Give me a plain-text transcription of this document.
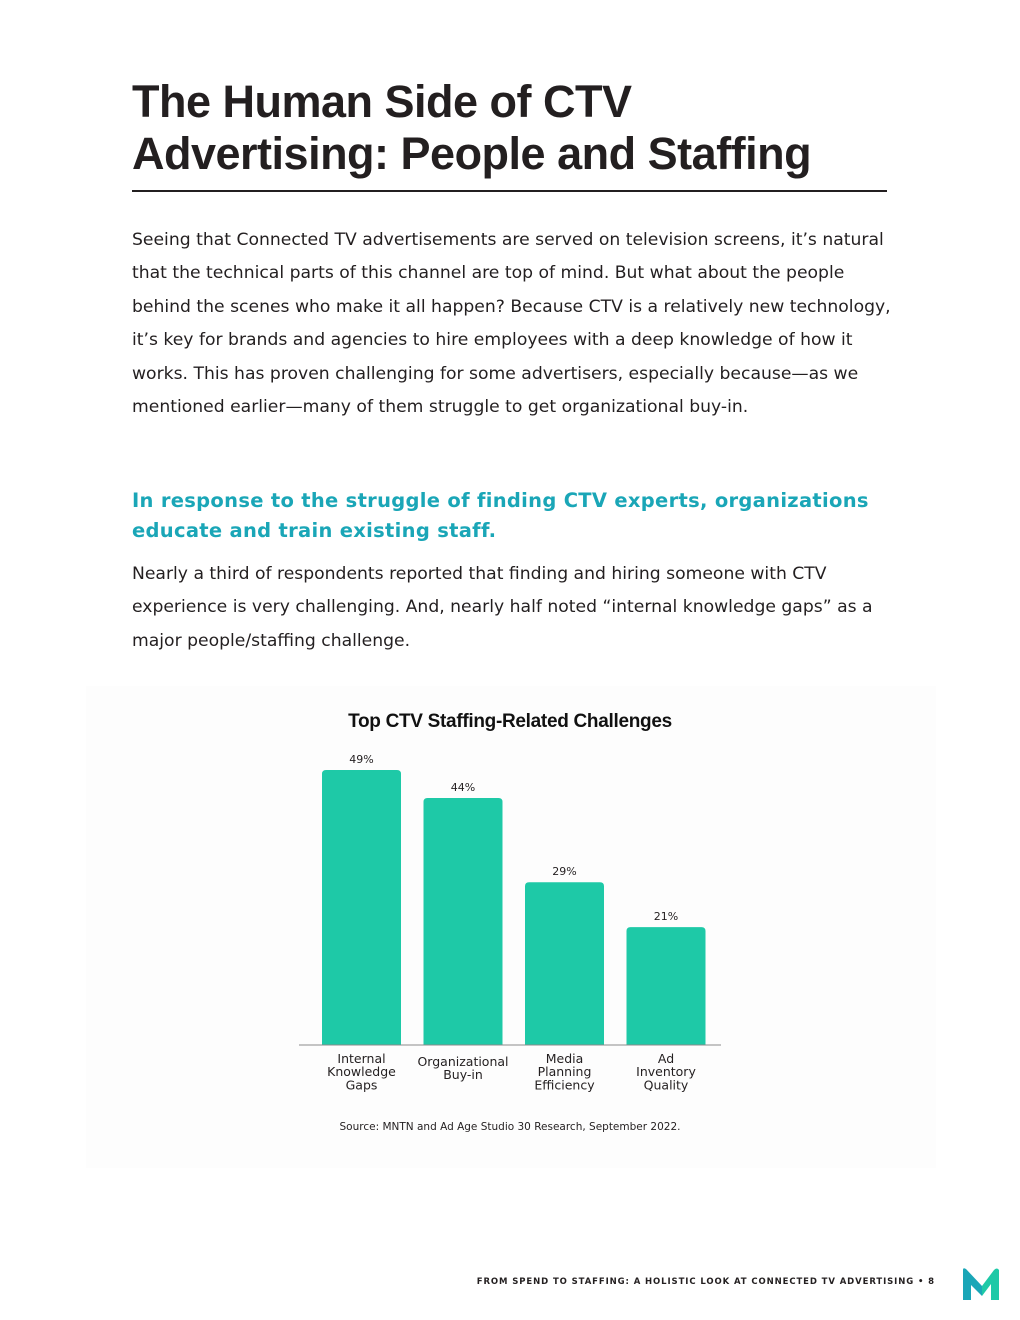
The Human Side of CTV Advertising: People and Staffing

Seeing that Connected TV advertisements are served on television screens, it’s natural that the technical parts of this channel are top of mind. But what about the people behind the scenes who make it all happen? Because CTV is a relatively new technology, it’s key for brands and agencies to hire employees with a deep knowledge of how it works. This has proven challenging for some advertisers, especially because—as we mentioned earlier—many of them struggle to get organizational buy-in.

In response to the struggle of finding CTV experts, organizations educate and train existing staff.

Nearly a third of respondents reported that finding and hiring someone with CTV experience is very challenging. And, nearly half noted “internal knowledge gaps” as a major people/staffing challenge.

Top CTV Staffing-Related Challenges
49%
44%
29%
21%
Internal
Knowledge
Gaps
Organizational
Buy-in
Media
Planning
Efficiency
Ad
Inventory
Quality
Source: MNTN and Ad Age Studio 30 Research, September 2022.
FROM SPEND TO STAFFING: A HOLISTIC LOOK AT CONNECTED TV ADVERTISING • 8
